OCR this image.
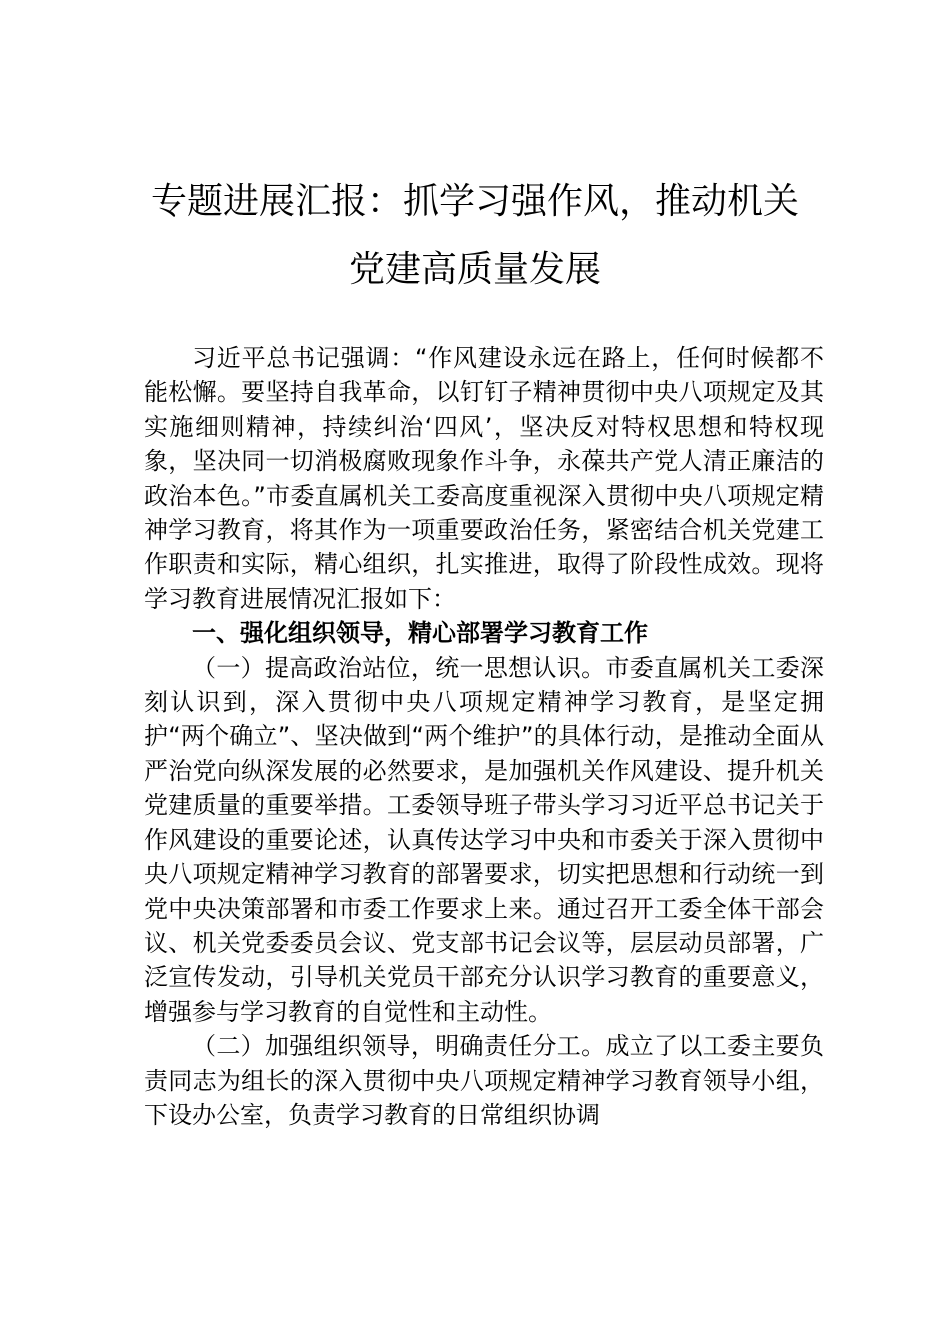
专题进展汇报：抓学习强作风，推动机关
党建高质量发展

习近平总书记强调：“作风建设永远在路上，任何时候都不能松懈。要坚持自我革命，以钉钉子精神贯彻中央八项规定及其实施细则精神，持续纠治‘四风’，坚决反对特权思想和特权现象，坚决同一切消极腐败现象作斗争，永葆共产党人清正廉洁的政治本色。”市委直属机关工委高度重视深入贯彻中央八项规定精神学习教育，将其作为一项重要政治任务，紧密结合机关党建工作职责和实际，精心组织，扎实推进，取得了阶段性成效。现将学习教育进展情况汇报如下：

一、强化组织领导，精心部署学习教育工作

（一）提高政治站位，统一思想认识。市委直属机关工委深刻认识到，深入贯彻中央八项规定精神学习教育，是坚定拥护“两个确立”、坚决做到“两个维护”的具体行动，是推动全面从严治党向纵深发展的必然要求，是加强机关作风建设、提升机关党建质量的重要举措。工委领导班子带头学习习近平总书记关于作风建设的重要论述，认真传达学习中央和市委关于深入贯彻中央八项规定精神学习教育的部署要求，切实把思想和行动统一到党中央决策部署和市委工作要求上来。通过召开工委全体干部会议、机关党委委员会议、党支部书记会议等，层层动员部署，广泛宣传发动，引导机关党员干部充分认识学习教育的重要意义，增强参与学习教育的自觉性和主动性。

（二）加强组织领导，明确责任分工。成立了以工委主要负责同志为组长的深入贯彻中央八项规定精神学习教育领导小组，下设办公室，负责学习教育的日常组织协调
